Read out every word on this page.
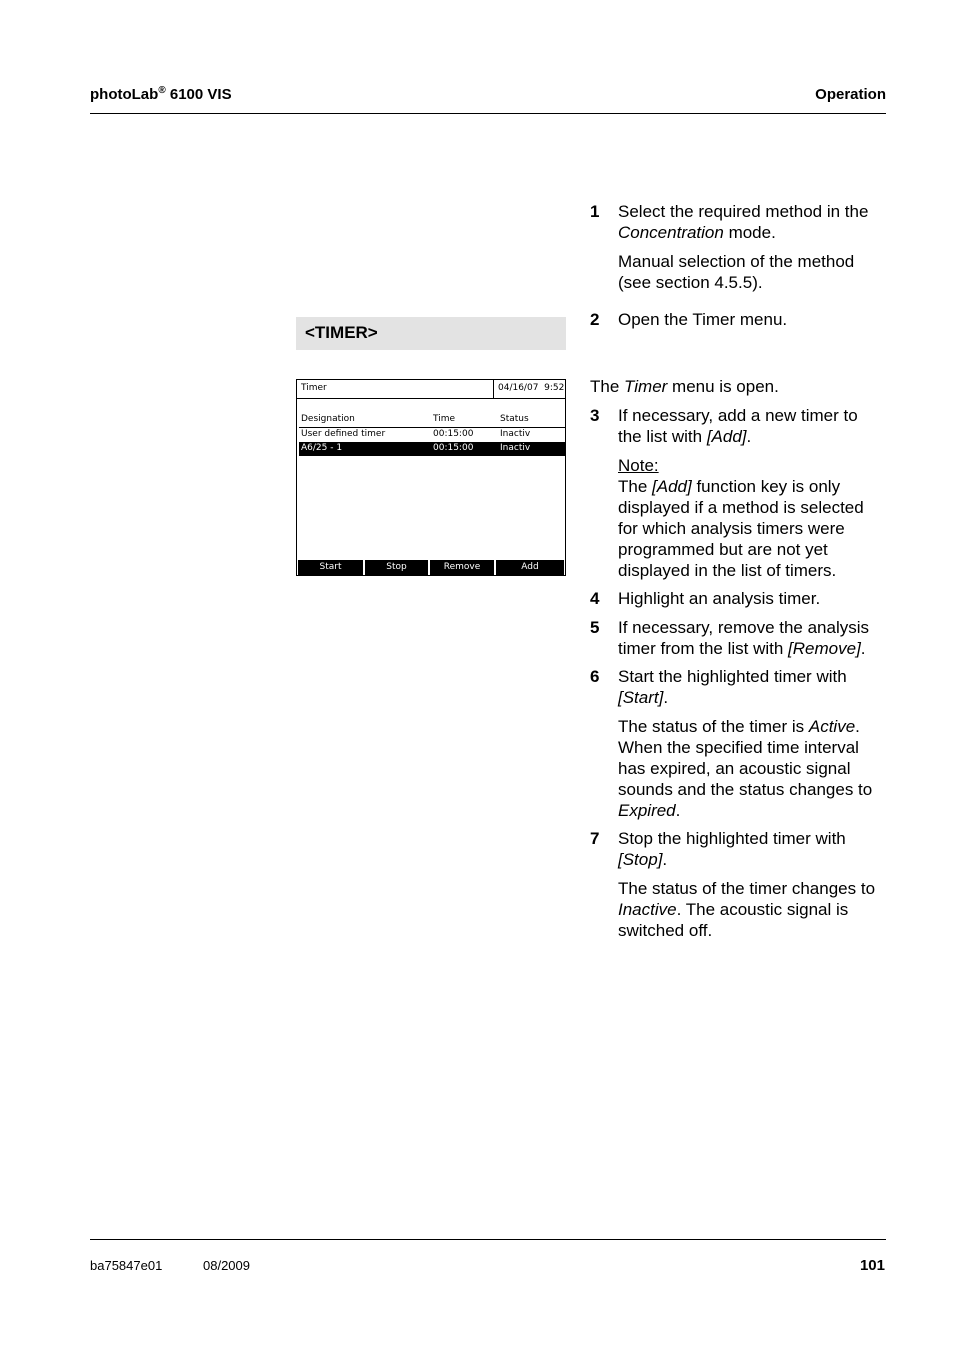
photoLab® 6100 VIS	Operation
<TIMER>
Timer	04/16/07  9:52
Designation	Time	Status
User defined timer	00:15:00	Inactiv
A6/25 - 1	00:15:00	Inactiv
Start	Stop	Remove	Add
1	Select the required method in the
Concentration mode.
Manual selection of the method
(see section 4.5.5).
2	Open the Timer menu.
The Timer menu is open.
3	If necessary, add a new timer to
the list with [Add].
Note:
The [Add] function key is only
displayed if a method is selected
for which analysis timers were
programmed but are not yet
displayed in the list of timers.
4	Highlight an analysis timer.
5	If necessary, remove the analysis
timer from the list with [Remove].
6	Start the highlighted timer with
[Start].
The status of the timer is Active.
When the specified time interval
has expired, an acoustic signal
sounds and the status changes to
Expired.
7	Stop the highlighted timer with
[Stop].
The status of the timer changes to
Inactive. The acoustic signal is
switched off.
ba75847e01	08/2009	101
